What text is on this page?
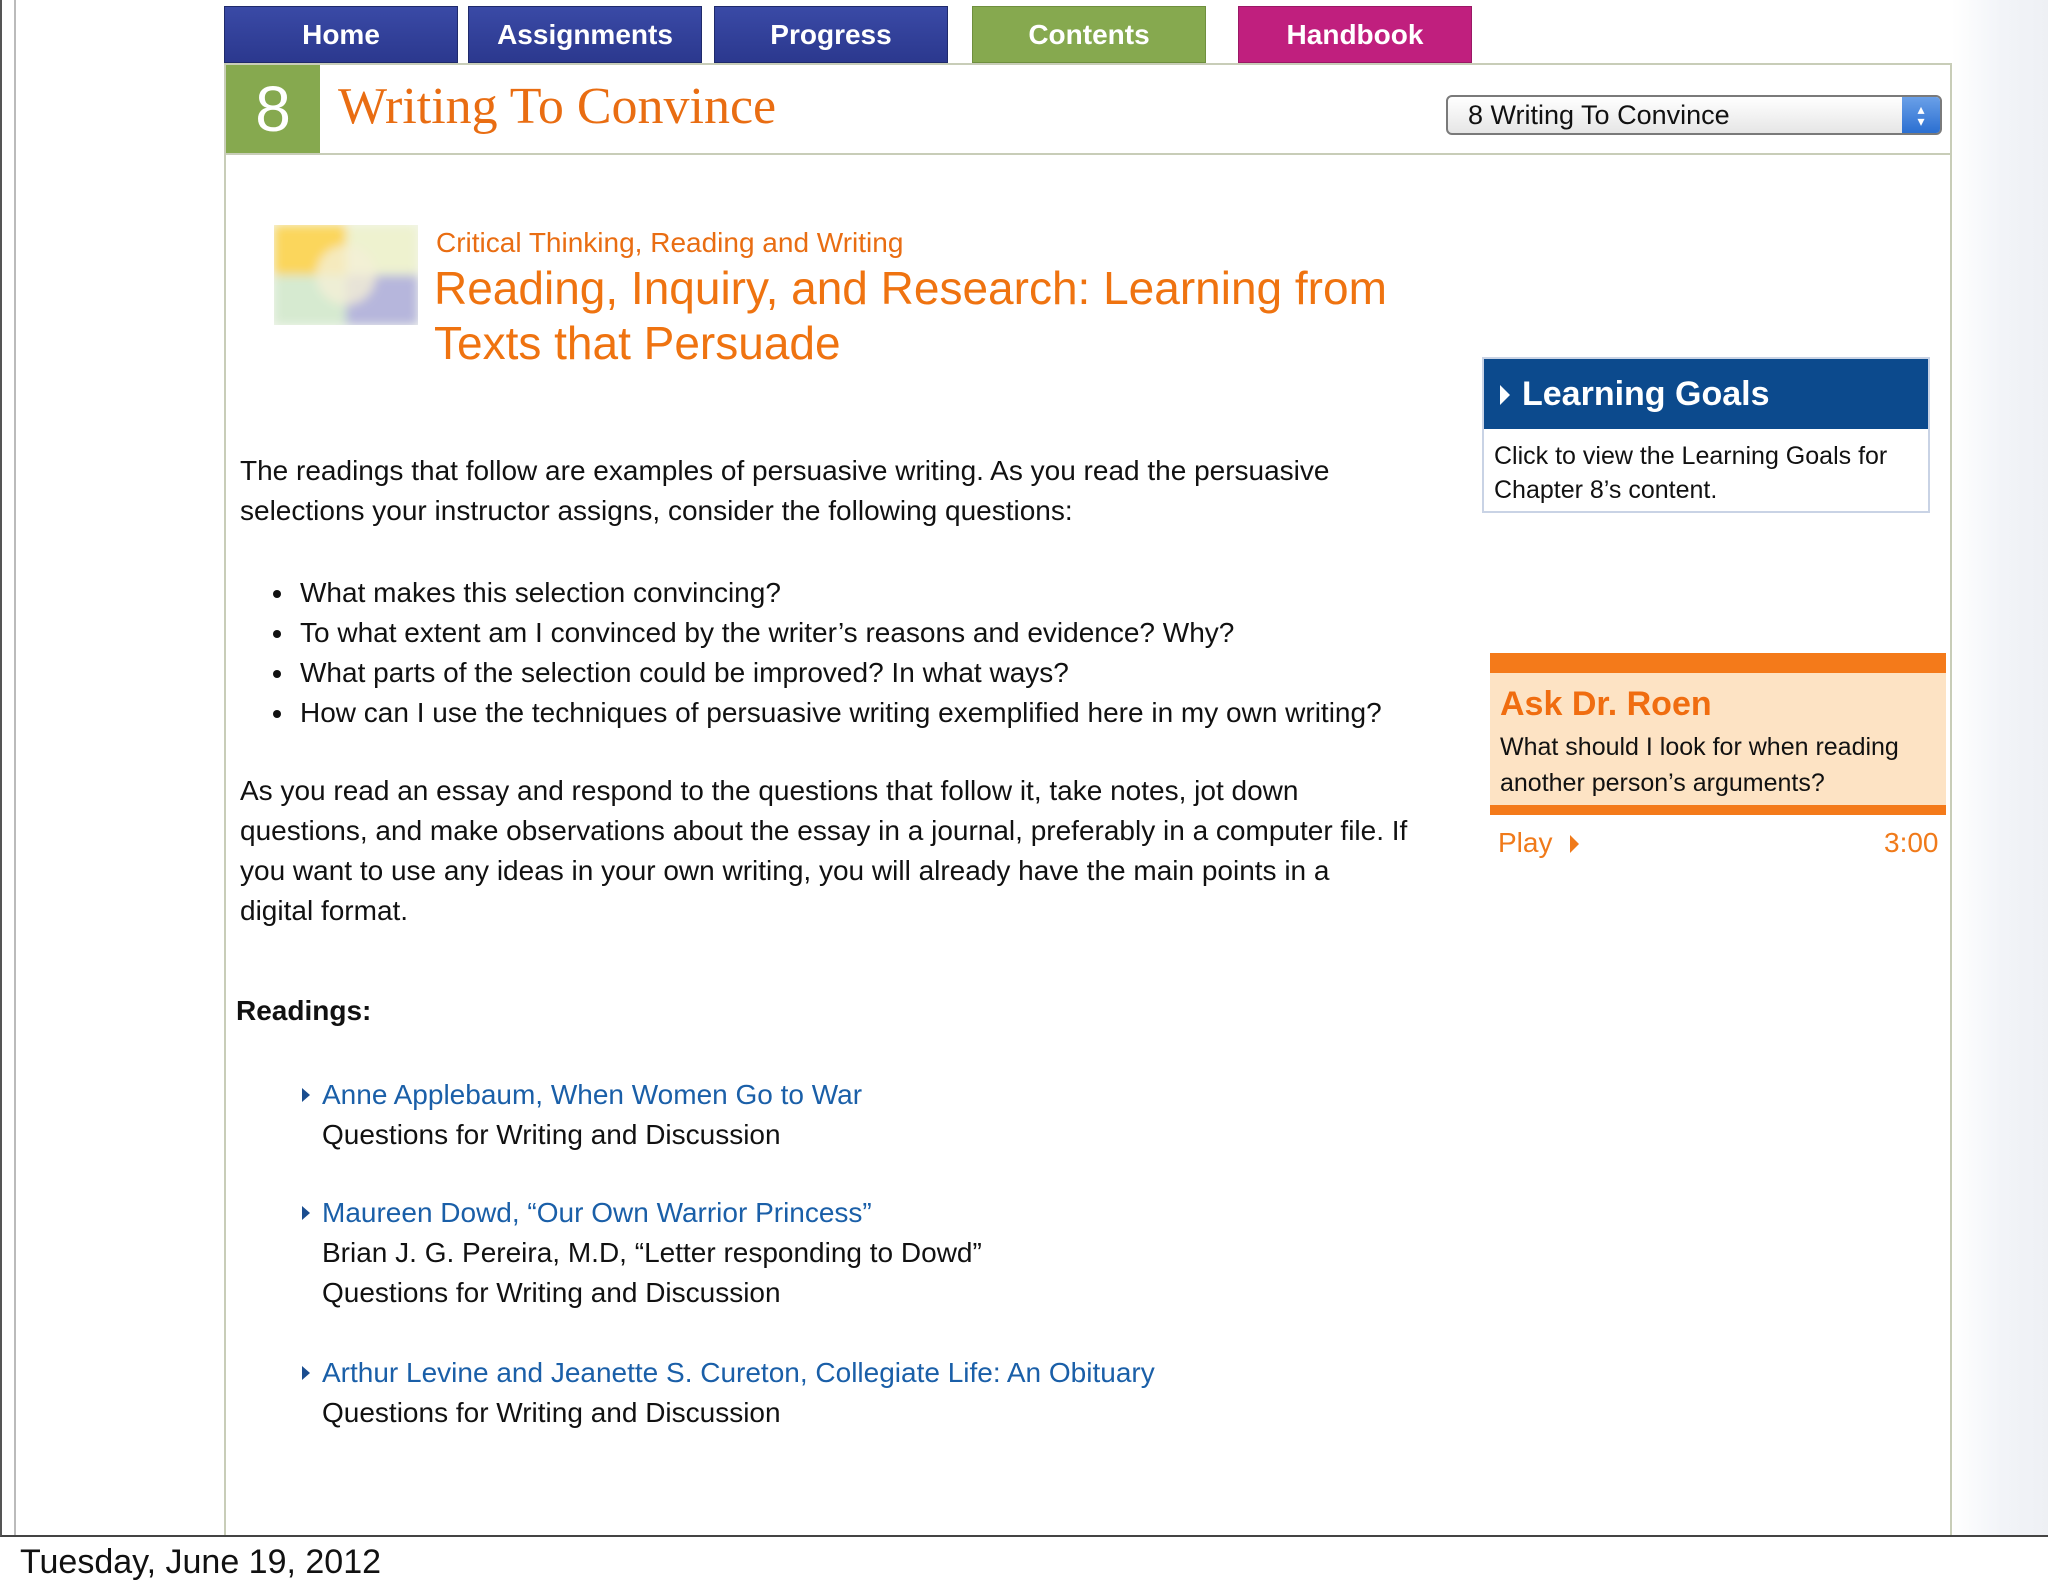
Home	Assignments	Progress	Contents	Handbook
8 Writing To Convince	8 Writing To Convince	▴
▾
Critical Thinking, Reading and Writing
Reading, Inquiry, and Research: Learning from Texts that Persuade
The readings that follow are examples of persuasive writing. As you read the persuasive selections your instructor assigns, consider the following questions:
• What makes this selection convincing?
• To what extent am I convinced by the writer’s reasons and evidence? Why?
• What parts of the selection could be improved? In what ways?
• How can I use the techniques of persuasive writing exemplified here in my own writing?
As you read an essay and respond to the questions that follow it, take notes, jot down questions, and make observations about the essay in a journal, preferably in a computer file. If you want to use any ideas in your own writing, you will already have the main points in a digital format.
Readings:
Anne Applebaum, When Women Go to War
Questions for Writing and Discussion
Maureen Dowd, “Our Own Warrior Princess”
Brian J. G. Pereira, M.D, “Letter responding to Dowd”
Questions for Writing and Discussion
Arthur Levine and Jeanette S. Cureton, Collegiate Life: An Obituary
Questions for Writing and Discussion
Learning Goals
Click to view the Learning Goals for Chapter 8’s content.
Ask Dr. Roen
What should I look for when reading another person’s arguments?
Play	3:00
Tuesday, June 19, 2012
